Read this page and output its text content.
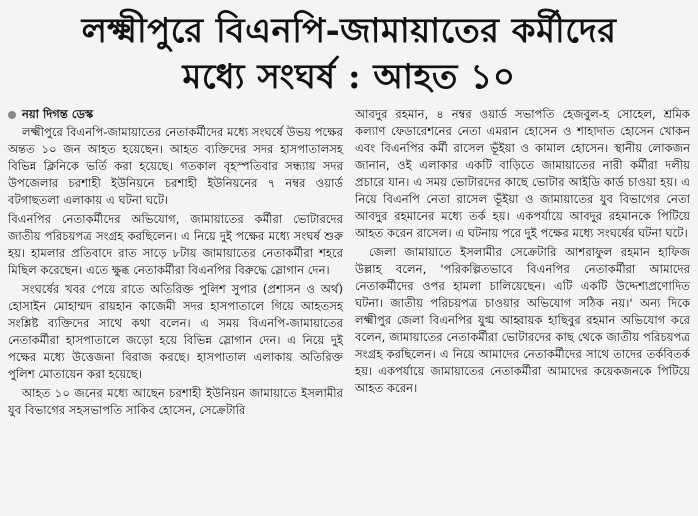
লক্ষ্মীপুরে বিএনপি-জামায়াতের কর্মীদের
মধ্যে সংঘর্ষ : আহত ১০
নয়া দিগন্ত ডেস্ক

লক্ষ্মীপুরে বিএনপি-জামায়াতের নেতাকর্মীদের মধ্যে সংঘর্ষে উভয় পক্ষের অন্তত ১০ জন আহত হয়েছেন। আহত ব্যক্তিদের সদর হাসপাতালসহ বিভিন্ন ক্লিনিকে ভর্তি করা হয়েছে। গতকাল বৃহস্পতিবার সন্ধ্যায় সদর উপজেলার চরশাহী ইউনিয়নে চরশাহী ইউনিয়নের ৭ নম্বর ওয়ার্ড বটগাছতলা এলাকায় এ ঘটনা ঘটে।

বিএনপির নেতাকর্মীদের অভিযোগ, জামায়াতের কর্মীরা ভোটারদের জাতীয় পরিচয়পত্র সংগ্রহ করছিলেন। এ নিয়ে দুই পক্ষের মধ্যে সংঘর্ষ শুরু হয়। হামলার প্রতিবাদে রাত সাড়ে ৮টায় জামায়াতের নেতাকর্মীরা শহরে মিছিল করেছেন। এতে ক্ষুব্ধ নেতাকর্মীরা বিএনপির বিরুদ্ধে স্লোগান দেন।

সংঘর্ষের খবর পেয়ে রাতে অতিরিক্ত পুলিশ সুপার (প্রশাসন ও অর্থ) হোসাইন মোহাম্মদ রায়হান কাজেমী সদর হাসপাতালে গিয়ে আহতসহ সংশ্লিষ্ট ব্যক্তিদের সাথে কথা বলেন। এ সময় বিএনপি-জামায়াতের নেতাকর্মীরা হাসপাতালে জড়ো হয়ে বিভিন্ন স্লোগান দেন। এ নিয়ে দুই পক্ষের মধ্যে উত্তেজনা বিরাজ করছে। হাসপাতাল এলাকায় অতিরিক্ত পুলিশ মোতায়েন করা হয়েছে।

আহত ১০ জনের মধ্যে আছেন চরশাহী ইউনিয়ন জামায়াতে ইসলামীর যুব বিভাগের সহসভাপতি সাকিব হোসেন, সেক্রেটারি

আবদুর রহমান, ৪ নম্বর ওয়ার্ড সভাপতি হেজবুল-হ সোহেল, শ্রমিক কল্যাণ ফেডারেশনের নেতা এমরান হোসেন ও শাহাদাত হোসেন খোকন এবং বিএনপির কর্মী রাসেল ভূঁইয়া ও কামাল হোসেন। স্থানীয় লোকজন জানান, ওই এলাকার একটি বাড়িতে জামায়াতের নারী কর্মীরা দলীয় প্রচারে যান। এ সময় ভোটারদের কাছে ভোটার আইডি কার্ড চাওয়া হয়। এ নিয়ে বিএনপি নেতা রাসেল ভূঁইয়া ও জামায়াতের যুব বিভাগের নেতা আবদুর রহমানের মধ্যে তর্ক হয়। একপর্যায়ে আবদুর রহমানকে পিটিয়ে আহত করেন রাসেল। এ ঘটনায় পরে দুই পক্ষের মধ্যে সংঘর্ষের ঘটনা ঘটে।

জেলা জামায়াতে ইসলামীর সেক্রেটারি আশরাফুল রহমান হাফিজ উল্লাহ বলেন, 'পরিকল্পিতভাবে বিএনপির নেতাকর্মীরা আমাদের নেতাকর্মীদের ওপর হামলা চালিয়েছেন। এটি একটি উদ্দেশ্যপ্রণোদিত ঘটনা। জাতীয় পরিচয়পত্র চাওয়ার অভিযোগ সঠিক নয়।' অন্য দিকে লক্ষ্মীপুর জেলা বিএনপির যুগ্ম আহ্বায়ক হাছিবুর রহমান অভিযোগ করে বলেন, জামায়াতের নেতাকর্মীরা ভোটারদের কাছ থেকে জাতীয় পরিচয়পত্র সংগ্রহ করছিলেন। এ নিয়ে আমাদের নেতাকর্মীদের সাথে তাদের তর্কবিতর্ক হয়। একপর্যায়ে জামায়াতের নেতাকর্মীরা আমাদের কয়েকজনকে পিটিয়ে আহত করেন।
